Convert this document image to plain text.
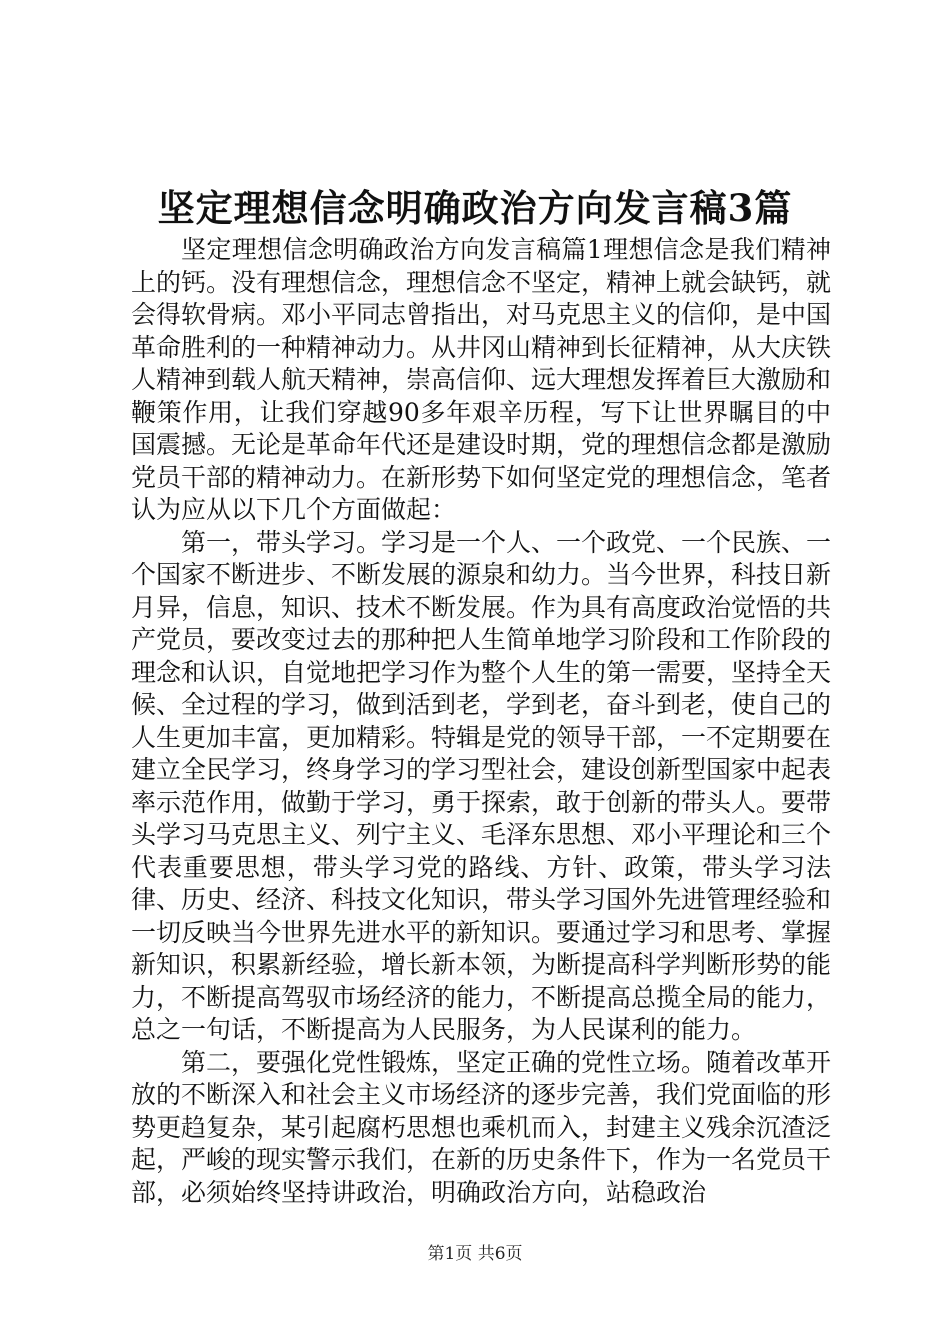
坚定理想信念明确政治方向发言稿3篇

坚定理想信念明确政治方向发言稿篇1理想信念是我们精神上的钙。没有理想信念，理想信念不坚定，精神上就会缺钙，就会得软骨病。邓小平同志曾指出，对马克思主义的信仰，是中国革命胜利的一种精神动力。从井冈山精神到长征精神，从大庆铁人精神到载人航天精神，崇高信仰、远大理想发挥着巨大激励和鞭策作用，让我们穿越90多年艰辛历程，写下让世界瞩目的中国震撼。无论是革命年代还是建设时期，党的理想信念都是激励党员干部的精神动力。在新形势下如何坚定党的理想信念，笔者认为应从以下几个方面做起：

第一，带头学习。学习是一个人、一个政党、一个民族、一个国家不断进步、不断发展的源泉和幼力。当今世界，科技日新月异，信息，知识、技术不断发展。作为具有高度政治觉悟的共产党员，要改变过去的那种把人生简单地学习阶段和工作阶段的理念和认识，自觉地把学习作为整个人生的第一需要，坚持全天候、全过程的学习，做到活到老，学到老，奋斗到老，使自己的人生更加丰富，更加精彩。特辑是党的领导干部，一不定期要在建立全民学习，终身学习的学习型社会，建设创新型国家中起表率示范作用，做勤于学习，勇于探索，敢于创新的带头人。要带头学习马克思主义、列宁主义、毛泽东思想、邓小平理论和三个代表重要思想，带头学习党的路线、方针、政策，带头学习法律、历史、经济、科技文化知识，带头学习国外先进管理经验和一切反映当今世界先进水平的新知识。要通过学习和思考、掌握新知识，积累新经验，增长新本领，为断提高科学判断形势的能力，不断提高驾驭市场经济的能力，不断提高总揽全局的能力，总之一句话，不断提高为人民服务，为人民谋利的能力。

第二，要强化党性锻炼，坚定正确的党性立场。随着改革开放的不断深入和社会主义市场经济的逐步完善，我们党面临的形势更趋复杂，某引起腐朽思想也乘机而入，封建主义残余沉渣泛起，严峻的现实警示我们，在新的历史条件下，作为一名党员干部，必须始终坚持讲政治，明确政治方向，站稳政治

第1页 共6页
